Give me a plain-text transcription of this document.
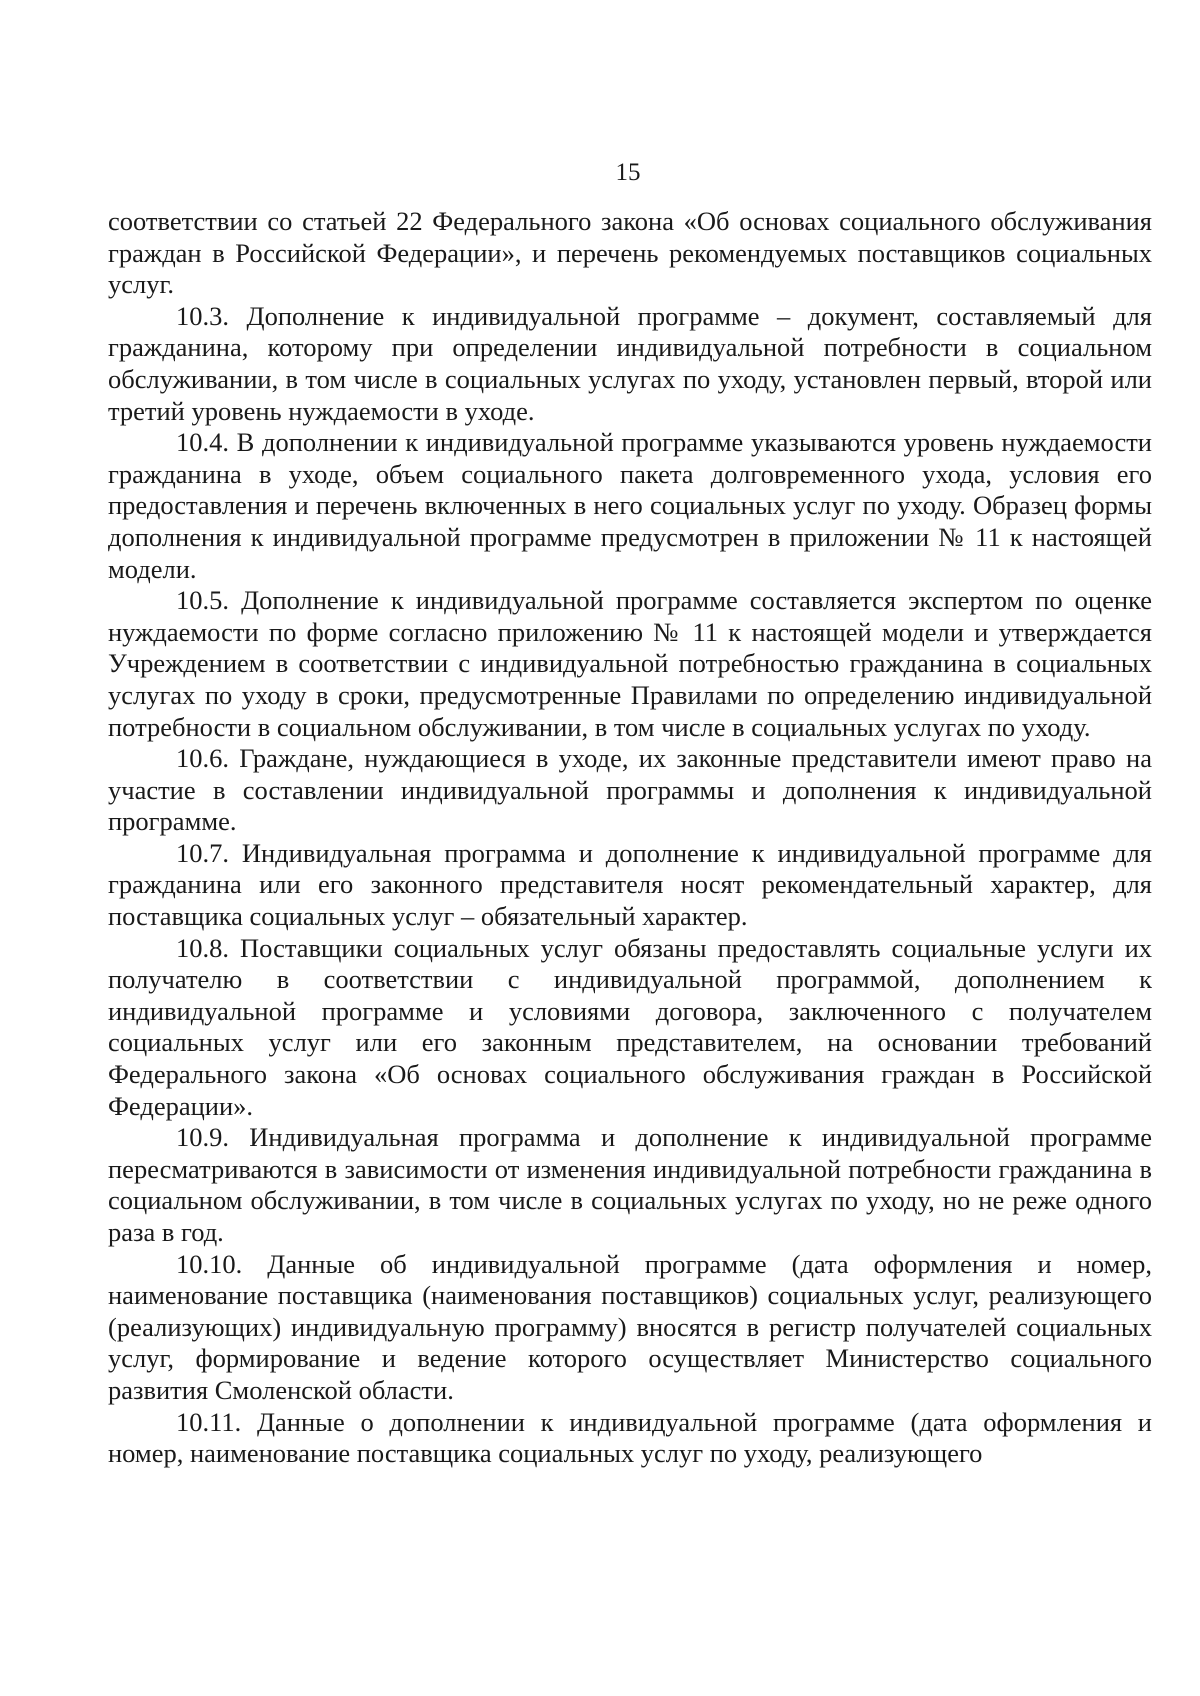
15

соответствии со статьей 22 Федерального закона «Об основах социального обслуживания граждан в Российской Федерации», и перечень рекомендуемых поставщиков социальных услуг.

10.3. Дополнение к индивидуальной программе – документ, составляемый для гражданина, которому при определении индивидуальной потребности в социальном обслуживании, в том числе в социальных услугах по уходу, установлен первый, второй или третий уровень нуждаемости в уходе.

10.4. В дополнении к индивидуальной программе указываются уровень нуждаемости гражданина в уходе, объем социального пакета долговременного ухода, условия его предоставления и перечень включенных в него социальных услуг по уходу. Образец формы дополнения к индивидуальной программе предусмотрен в приложении № 11 к настоящей модели.

10.5. Дополнение к индивидуальной программе составляется экспертом по оценке нуждаемости по форме согласно приложению № 11 к настоящей модели и утверждается Учреждением в соответствии с индивидуальной потребностью гражданина в социальных услугах по уходу в сроки, предусмотренные Правилами по определению индивидуальной потребности в социальном обслуживании, в том числе в социальных услугах по уходу.

10.6. Граждане, нуждающиеся в уходе, их законные представители имеют право на участие в составлении индивидуальной программы и дополнения к индивидуальной программе.

10.7. Индивидуальная программа и дополнение к индивидуальной программе для гражданина или его законного представителя носят рекомендательный характер, для поставщика социальных услуг – обязательный характер.

10.8. Поставщики социальных услуг обязаны предоставлять социальные услуги их получателю в соответствии с индивидуальной программой, дополнением к индивидуальной программе и условиями договора, заключенного с получателем социальных услуг или его законным представителем, на основании требований Федерального закона «Об основах социального обслуживания граждан в Российской Федерации».

10.9. Индивидуальная программа и дополнение к индивидуальной программе пересматриваются в зависимости от изменения индивидуальной потребности гражданина в социальном обслуживании, в том числе в социальных услугах по уходу, но не реже одного раза в год.

10.10. Данные об индивидуальной программе (дата оформления и номер, наименование поставщика (наименования поставщиков) социальных услуг, реализующего (реализующих) индивидуальную программу) вносятся в регистр получателей социальных услуг, формирование и ведение которого осуществляет Министерство социального развития Смоленской области.

10.11. Данные о дополнении к индивидуальной программе (дата оформления и номер, наименование поставщика социальных услуг по уходу, реализующего
